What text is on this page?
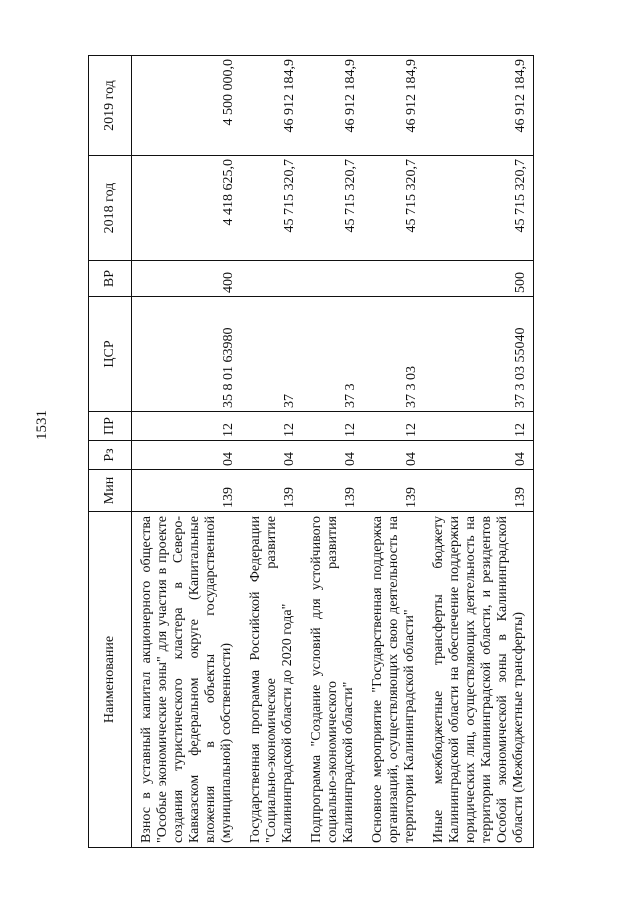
1531
Наименование	Мин	Рз	ПР	ЦСР	ВР	2018 год	2019 год
Взнос в уставный капитал акционерного общества "Особые экономические зоны" для участия в проекте создания туристического кластера в Северо-Кавказском федеральном округе (Капитальные вложения в объекты государственной (муниципальной) собственности)	139	04	12	35 8 01 63980	400	4 418 625,0	4 500 000,0
Государственная программа Российской Федерации "Социально-экономическое развитие Калининградской области до 2020 года"	139	04	12	37		45 715 320,7	46 912 184,9
Подпрограмма "Создание условий для устойчивого социально-экономического развития Калининградской области"	139	04	12	37 3		45 715 320,7	46 912 184,9
Основное мероприятие "Государственная поддержка организаций, осуществляющих свою деятельность на территории Калининградской области"	139	04	12	37 3 03		45 715 320,7	46 912 184,9
Иные межбюджетные трансферты бюджету Калининградской области на обеспечение поддержки юридических лиц, осуществляющих деятельность на территории Калининградской области, и резидентов Особой экономической зоны в Калининградской области (Межбюджетные трансферты)	139	04	12	37 3 03 55040	500	45 715 320,7	46 912 184,9
